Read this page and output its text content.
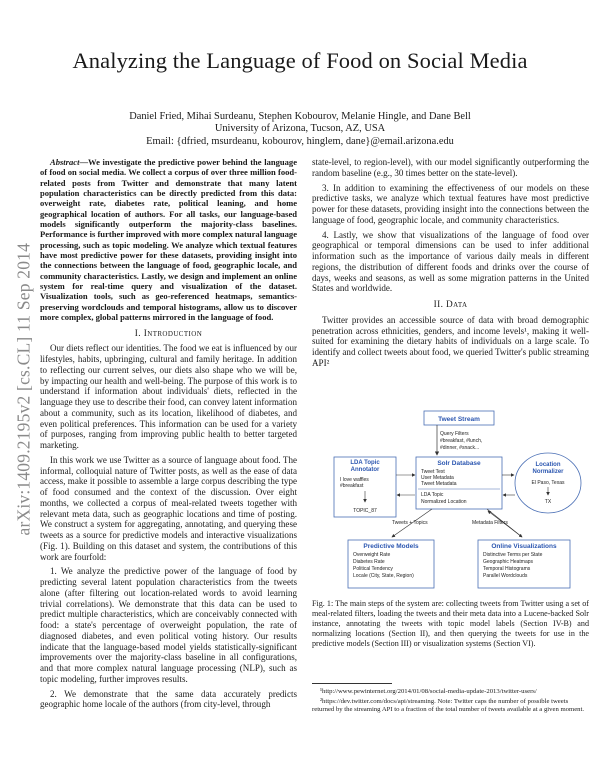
arXiv:1409.2195v2 [cs.CL] 11 Sep 2014
Analyzing the Language of Food on Social Media
Daniel Fried, Mihai Surdeanu, Stephen Kobourov, Melanie Hingle, and Dane Bell
University of Arizona, Tucson, AZ, USA
Email: {dfried, msurdeanu, kobourov, hinglem, dane}@email.arizona.edu
Abstract—We investigate the predictive power behind the language of food on social media. We collect a corpus of over three million food-related posts from Twitter and demonstrate that many latent population characteristics can be directly predicted from this data: overweight rate, diabetes rate, political leaning, and home geographical location of authors. For all tasks, our language-based models significantly outperform the majority-class baselines. Performance is further improved with more complex natural language processing, such as topic modeling. We analyze which textual features have most predictive power for these datasets, providing insight into the connections between the language of food, geographic locale, and community characteristics. Lastly, we design and implement an online system for real-time query and visualization of the dataset. Visualization tools, such as geo-referenced heatmaps, semantics-preserving wordclouds and temporal histograms, allow us to discover more complex, global patterns mirrored in the language of food.
I. Introduction

Our diets reflect our identities. The food we eat is influenced by our lifestyles, habits, upbringing, cultural and family heritage. In addition to reflecting our current selves, our diets also shape who we will be, by impacting our health and well-being. The purpose of this work is to understand if information about individuals' diets, reflected in the language they use to describe their food, can convey latent information about a community, such as its location, likelihood of diabetes, and even political preferences. This information can be used for a variety of purposes, ranging from improving public health to better targeted marketing.

In this work we use Twitter as a source of language about food. The informal, colloquial nature of Twitter posts, as well as the ease of data access, make it possible to assemble a large corpus describing the type of food consumed and the context of the discussion. Over eight months, we collected a corpus of meal-related tweets together with relevant meta data, such as geographic locations and time of posting. We construct a system for aggregating, annotating, and querying these tweets as a source for predictive models and interactive visualizations (Fig. 1). Building on this dataset and system, the contributions of this work are fourfold:

1. We analyze the predictive power of the language of food by predicting several latent population characteristics from the tweets alone (after filtering out location-related words to avoid learning trivial correlations). We demonstrate that this data can be used to predict multiple characteristics, which are conceivably connected with food: a state's percentage of overweight population, the rate of diagnosed diabetes, and even political voting history. Our results indicate that the language-based model yields statistically-significant improvements over the majority-class baseline in all configurations, and that more complex natural language processing (NLP), such as topic modeling, further improves results.

2. We demonstrate that the same data accurately predicts geographic home locale of the authors (from city-level, through

state-level, to region-level), with our model significantly outperforming the random baseline (e.g., 30 times better on the state-level).

3. In addition to examining the effectiveness of our models on these predictive tasks, we analyze which textual features have most predictive power for these datasets, providing insight into the connections between the language of food, geographic locale, and community characteristics.

4. Lastly, we show that visualizations of the language of food over geographical or temporal dimensions can be used to infer additional information such as the importance of various daily meals in different regions, the distribution of different foods and drinks over the course of days, weeks and seasons, as well as some migration patterns in the United States and worldwide.

II. Data

Twitter provides an accessible source of data with broad demographic penetration across ethnicities, genders, and income levels¹, making it well-suited for examining the dietary habits of individuals on a large scale. To identify and collect tweets about food, we queried Twitter's public streaming API²

Tweet Stream
Query Filters
#breakfast, #lunch,
#dinner, #snack...
Solr Database
Tweet Text
User Metadata
Tweet Metadata
LDA Topic
Normalized Location
LDA Topic
Annotator
I love waffles
#breakfast
TOPIC_87
Location
Normalizer
El Paso, Texas
TX
Tweets + Topics	Metadata Filters
Predictive Models
Overweight Rate
Diabetes Rate
Political Tendency
Locale (City, State, Region)
Online Visualizations
Distinctive Terms per State
Geographic Heatmaps
Temporal Histograms
Parallel Wordclouds
Fig. 1: The main steps of the system are: collecting tweets from Twitter using a set of meal-related filters, loading the tweets and their meta data into a Lucene-backed Solr instance, annotating the tweets with topic model labels (Section IV-B) and normalizing locations (Section II), and then querying the tweets for use in the predictive models (Section III) or visualization systems (Section VI).

¹http://www.pewinternet.org/2014/01/08/social-media-update-2013/twitter-users/

²https://dev.twitter.com/docs/api/streaming. Note: Twitter caps the number of possible tweets returned by the streaming API to a fraction of the total number of tweets available at a given moment.
